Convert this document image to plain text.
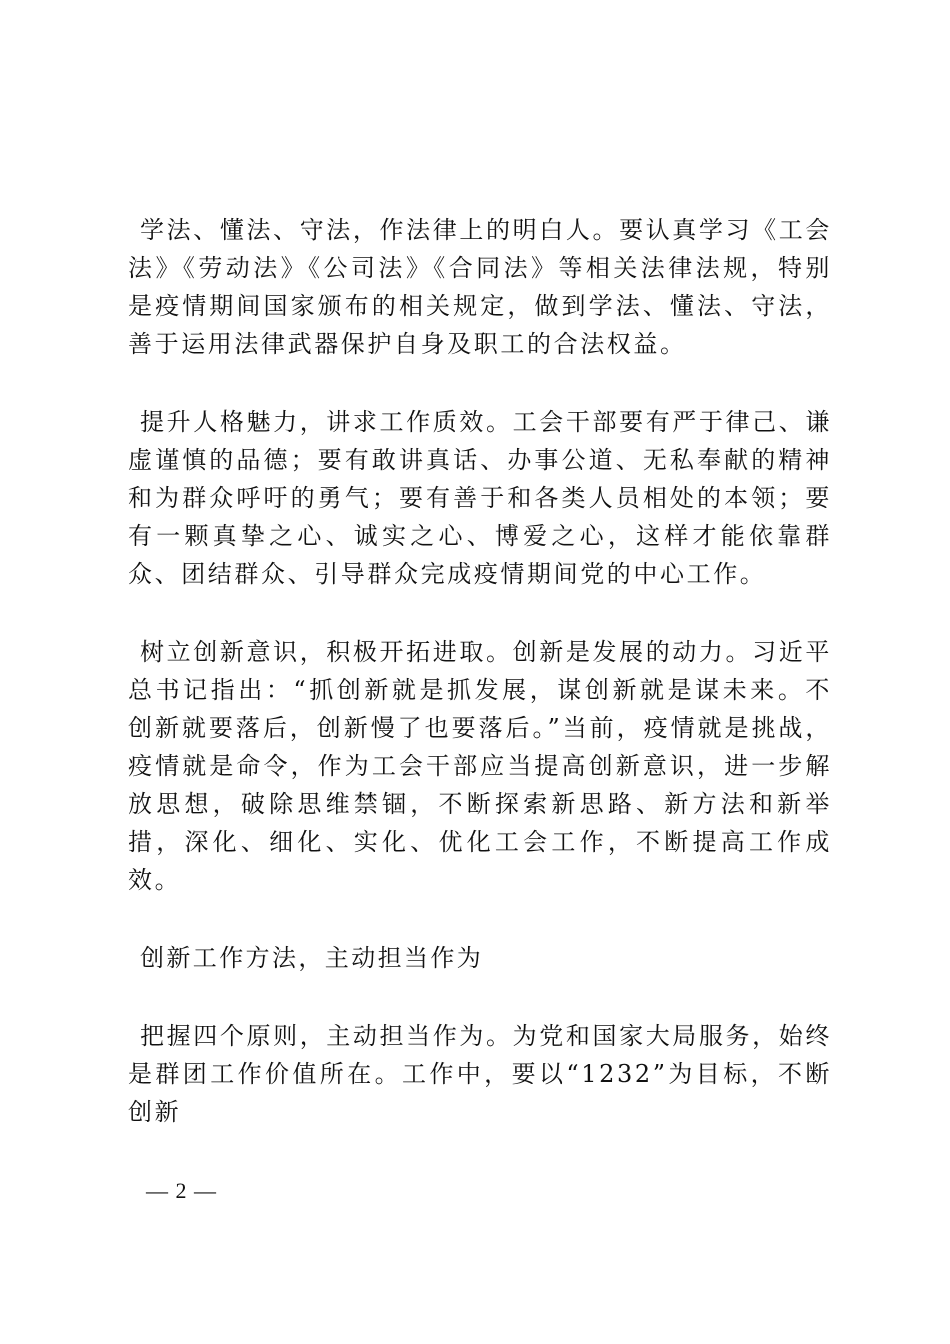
学法、懂法、守法，作法律上的明白人。要认真学习《工会法》《劳动法》《公司法》《合同法》等相关法律法规，特别是疫情期间国家颁布的相关规定，做到学法、懂法、守法，善于运用法律武器保护自身及职工的合法权益。

提升人格魅力，讲求工作质效。工会干部要有严于律己、谦虚谨慎的品德；要有敢讲真话、办事公道、无私奉献的精神和为群众呼吁的勇气；要有善于和各类人员相处的本领；要有一颗真挚之心、诚实之心、博爱之心，这样才能依靠群众、团结群众、引导群众完成疫情期间党的中心工作。

树立创新意识，积极开拓进取。创新是发展的动力。习近平总书记指出：“抓创新就是抓发展，谋创新就是谋未来。不创新就要落后，创新慢了也要落后。”当前，疫情就是挑战，疫情就是命令，作为工会干部应当提高创新意识，进一步解放思想，破除思维禁锢，不断探索新思路、新方法和新举措，深化、细化、实化、优化工会工作，不断提高工作成效。

创新工作方法，主动担当作为

把握四个原则，主动担当作为。为党和国家大局服务，始终是群团工作价值所在。工作中，要以“1232”为目标，不断创新

— 2 —
